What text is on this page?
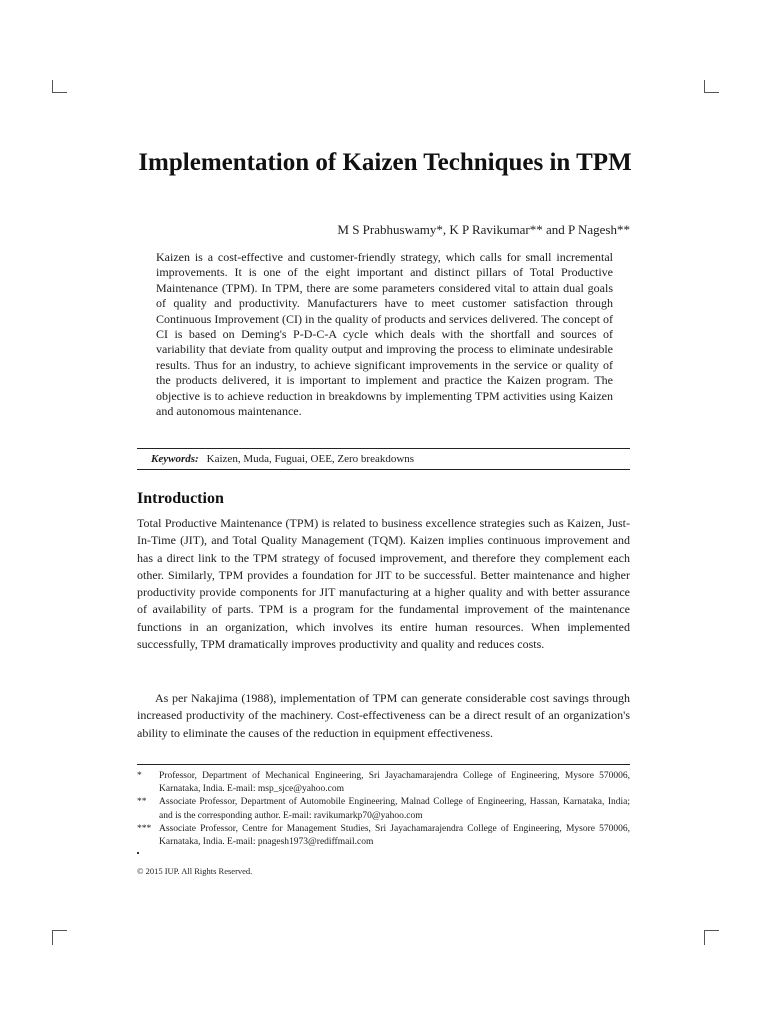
Implementation of Kaizen Techniques in TPM
M S Prabhuswamy*, K P Ravikumar** and P Nagesh**

Kaizen is a cost-effective and customer-friendly strategy, which calls for small incremental improvements. It is one of the eight important and distinct pillars of Total Productive Maintenance (TPM). In TPM, there are some parameters considered vital to attain dual goals of quality and productivity. Manufacturers have to meet customer satisfaction through Continuous Improvement (CI) in the quality of products and services delivered. The concept of CI is based on Deming's P-D-C-A cycle which deals with the shortfall and sources of variability that deviate from quality output and improving the process to eliminate undesirable results. Thus for an industry, to achieve significant improvements in the service or quality of the products delivered, it is important to implement and practice the Kaizen program. The objective is to achieve reduction in breakdowns by implementing TPM activities using Kaizen and autonomous maintenance.

Keywords: Kaizen, Muda, Fuguai, OEE, Zero breakdowns
Introduction

Total Productive Maintenance (TPM) is related to business excellence strategies such as Kaizen, Just-In-Time (JIT), and Total Quality Management (TQM). Kaizen implies continuous improvement and has a direct link to the TPM strategy of focused improvement, and therefore they complement each other. Similarly, TPM provides a foundation for JIT to be successful. Better maintenance and higher productivity provide components for JIT manufacturing at a higher quality and with better assurance of availability of parts. TPM is a program for the fundamental improvement of the maintenance functions in an organization, which involves its entire human resources. When implemented successfully, TPM dramatically improves productivity and quality and reduces costs.

As per Nakajima (1988), implementation of TPM can generate considerable cost savings through increased productivity of the machinery. Cost-effectiveness can be a direct result of an organization's ability to eliminate the causes of the reduction in equipment effectiveness.

*	Professor, Department of Mechanical Engineering, Sri Jayachamarajendra College of Engineering, Mysore 570006, Karnataka, India. E-mail: msp_sjce@yahoo.com
**	Associate Professor, Department of Automobile Engineering, Malnad College of Engineering, Hassan, Karnataka, India; and is the corresponding author. E-mail: ravikumarkp70@yahoo.com
*** Associate Professor, Centre for Management Studies, Sri Jayachamarajendra College of Engineering, Mysore 570006, Karnataka, India. E-mail: pnagesh1973@rediffmail.com
© 2015 IUP. All Rights Reserved.
